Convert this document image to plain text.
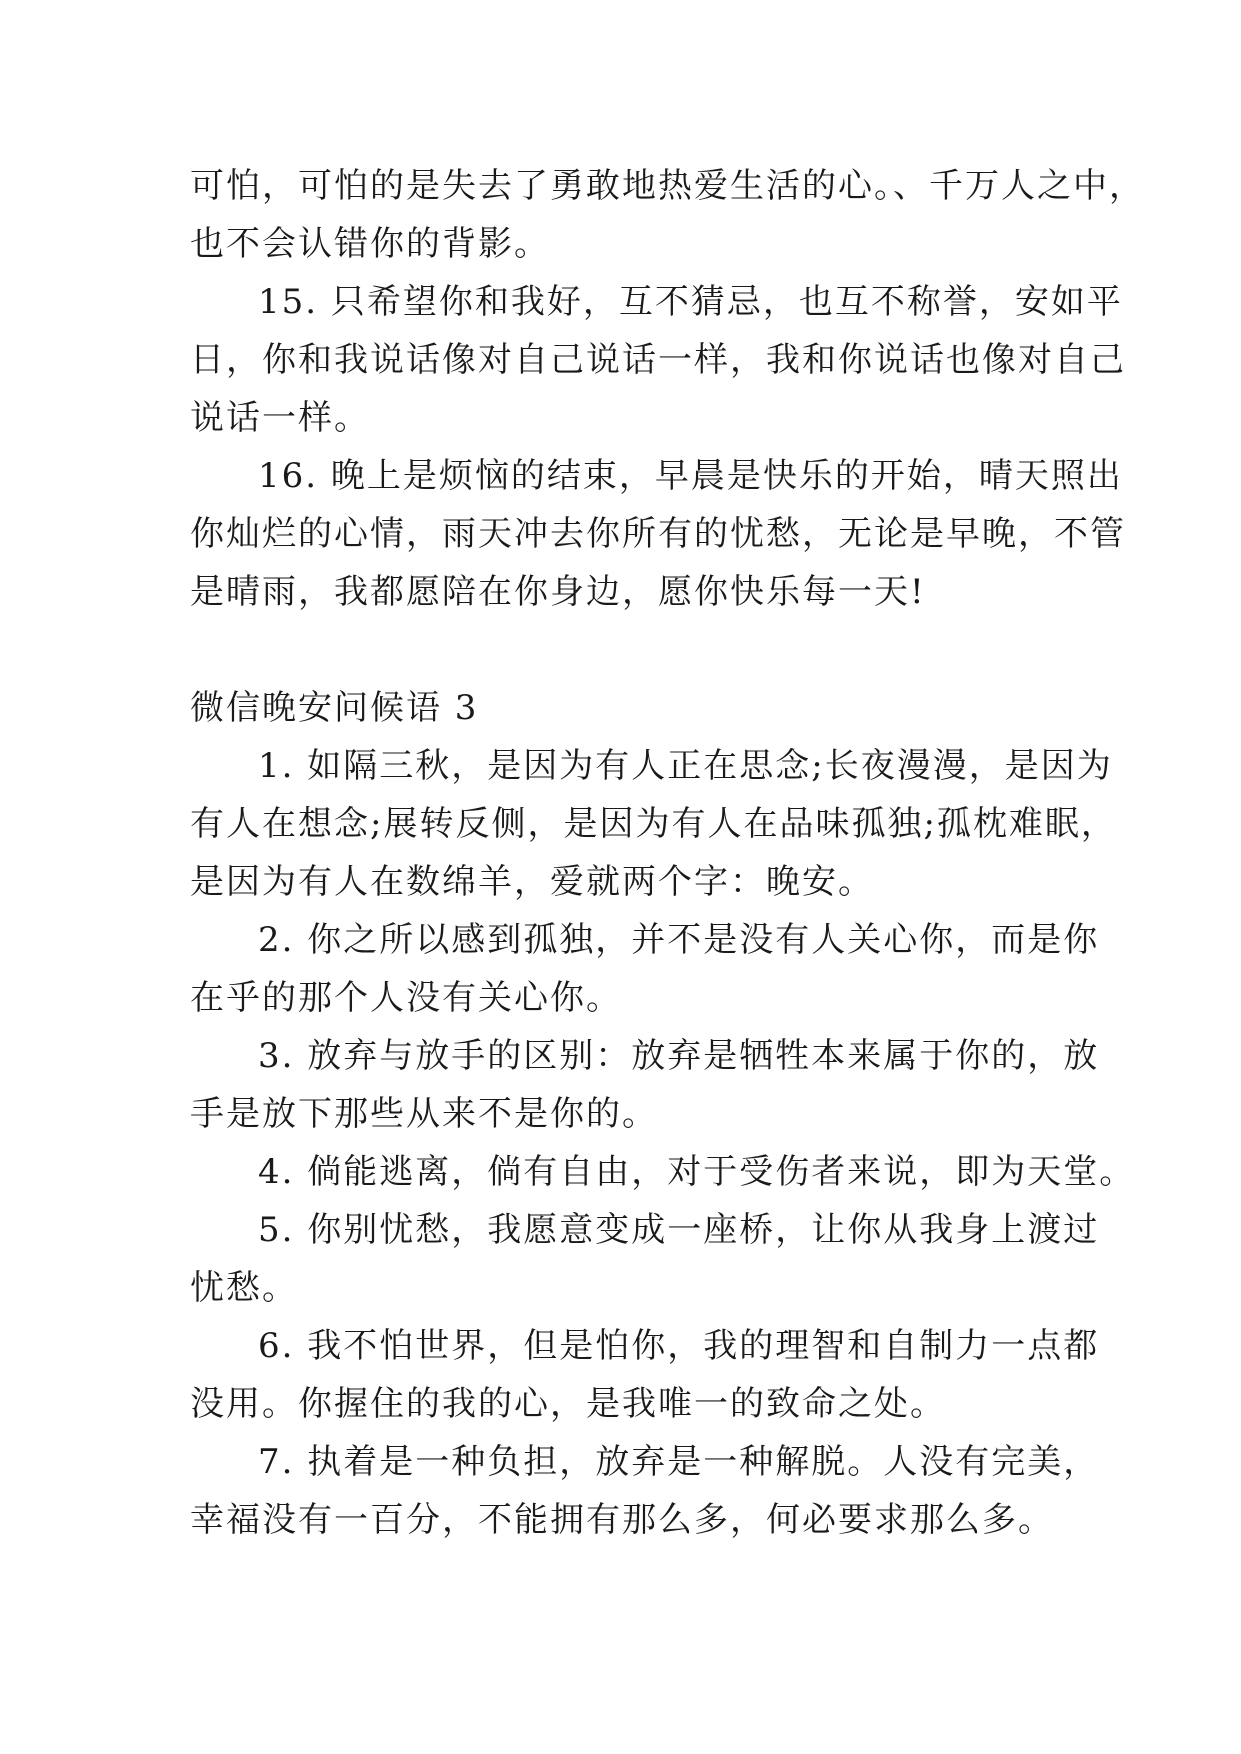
可怕，可怕的是失去了勇敢地热爱生活的心。、千万人之中，
也不会认错你的背影。
15. 只希望你和我好，互不猜忌，也互不称誉，安如平
日，你和我说话像对自己说话一样，我和你说话也像对自己
说话一样。
16. 晚上是烦恼的结束，早晨是快乐的开始，晴天照出
你灿烂的心情，雨天冲去你所有的忧愁，无论是早晚，不管
是晴雨，我都愿陪在你身边，愿你快乐每一天!
微信晚安问候语 3
1. 如隔三秋，是因为有人正在思念;长夜漫漫，是因为
有人在想念;展转反侧，是因为有人在品味孤独;孤枕难眠，
是因为有人在数绵羊，爱就两个字：晚安。
2. 你之所以感到孤独，并不是没有人关心你，而是你
在乎的那个人没有关心你。
3. 放弃与放手的区别：放弃是牺牲本来属于你的，放
手是放下那些从来不是你的。
4. 倘能逃离，倘有自由，对于受伤者来说，即为天堂。
5. 你别忧愁，我愿意变成一座桥，让你从我身上渡过
忧愁。
6. 我不怕世界，但是怕你，我的理智和自制力一点都
没用。你握住的我的心，是我唯一的致命之处。
7. 执着是一种负担，放弃是一种解脱。人没有完美，
幸福没有一百分，不能拥有那么多，何必要求那么多。
